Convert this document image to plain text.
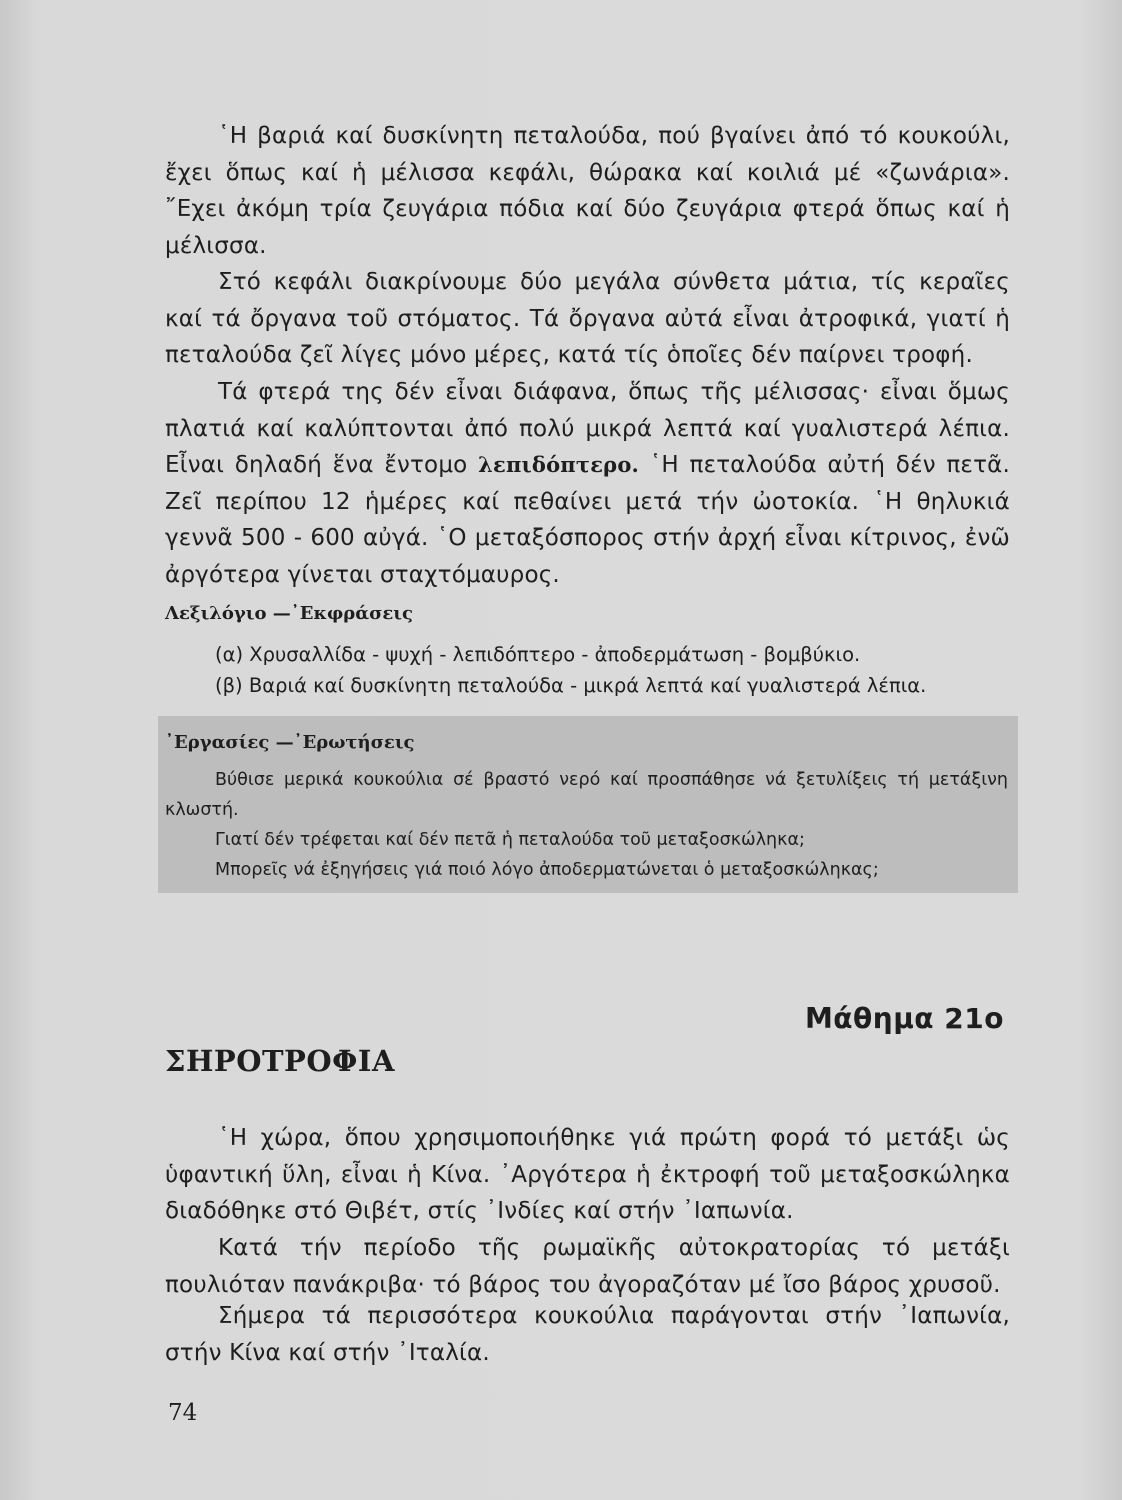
῾Η βαριά καί δυσκίνητη πεταλούδα, πού βγαίνει ἀπό τό κουκούλι, ἔχει ὅπως καί ἡ μέλισσα κεφάλι, θώρακα καί κοιλιά μέ «ζωνάρια». ῎Εχει ἀκόμη τρία ζευγάρια πόδια καί δύο ζευγάρια φτερά ὅπως καί ἡ μέλισσα.

Στό κεφάλι διακρίνουμε δύο μεγάλα σύνθετα μάτια, τίς κεραῖες καί τά ὄργανα τοῦ στόματος. Τά ὄργανα αὐτά εἶναι ἀτροφικά, γιατί ἡ πεταλούδα ζεῖ λίγες μόνο μέρες, κατά τίς ὁποῖες δέν παίρνει τροφή.

Τά φτερά της δέν εἶναι διάφανα, ὅπως τῆς μέλισσας· εἶναι ὅμως πλατιά καί καλύπτονται ἀπό πολύ μικρά λεπτά καί γυαλιστερά λέπια. Εἶναι δηλαδή ἕνα ἔντομο λεπιδόπτερο. ῾Η πεταλούδα αὐτή δέν πετᾶ. Ζεῖ περίπου 12 ἡμέρες καί πεθαίνει μετά τήν ὠοτοκία. ῾Η θηλυκιά γεννᾶ 500 - 600 αὐγά. ῾Ο μεταξόσπορος στήν ἀρχή εἶναι κίτρινος, ἐνῶ ἀργότερα γίνεται σταχτόμαυρος.

Λεξιλόγιο —᾿Εκφράσεις

(α) Χρυσαλλίδα - ψυχή - λεπιδόπτερο - ἀποδερμάτωση - βομβύκιο.

(β) Βαριά καί δυσκίνητη πεταλούδα - μικρά λεπτά καί γυαλιστερά λέπια.

᾿Εργασίες —᾿Ερωτήσεις

Βύθισε μερικά κουκούλια σέ βραστό νερό καί προσπάθησε νά ξετυλίξεις τή μετάξινη κλωστή.

Γιατί δέν τρέφεται καί δέν πετᾶ ἡ πεταλούδα τοῦ μεταξοσκώληκα;

Μπορεῖς νά ἐξηγήσεις γιά ποιό λόγο ἀποδερματώνεται ὁ μεταξοσκώληκας;

Μάθημα 21ο
ΣΗΡΟΤΡΟΦΙΑ

῾Η χώρα, ὅπου χρησιμοποιήθηκε γιά πρώτη φορά τό μετάξι ὡς ὑφαντική ὕλη, εἶναι ἡ Κίνα. ᾿Αργότερα ἡ ἐκτροφή τοῦ μεταξοσκώληκα διαδόθηκε στό Θιβέτ, στίς ᾿Ινδίες καί στήν ᾿Ιαπωνία.

Κατά τήν περίοδο τῆς ρωμαϊκῆς αὐτοκρατορίας τό μετάξι πουλιόταν πανάκριβα· τό βάρος του ἀγοραζόταν μέ ἴσο βάρος χρυσοῦ.

Σήμερα τά περισσότερα κουκούλια παράγονται στήν ᾿Ιαπωνία, στήν Κίνα καί στήν ᾿Ιταλία.

74
